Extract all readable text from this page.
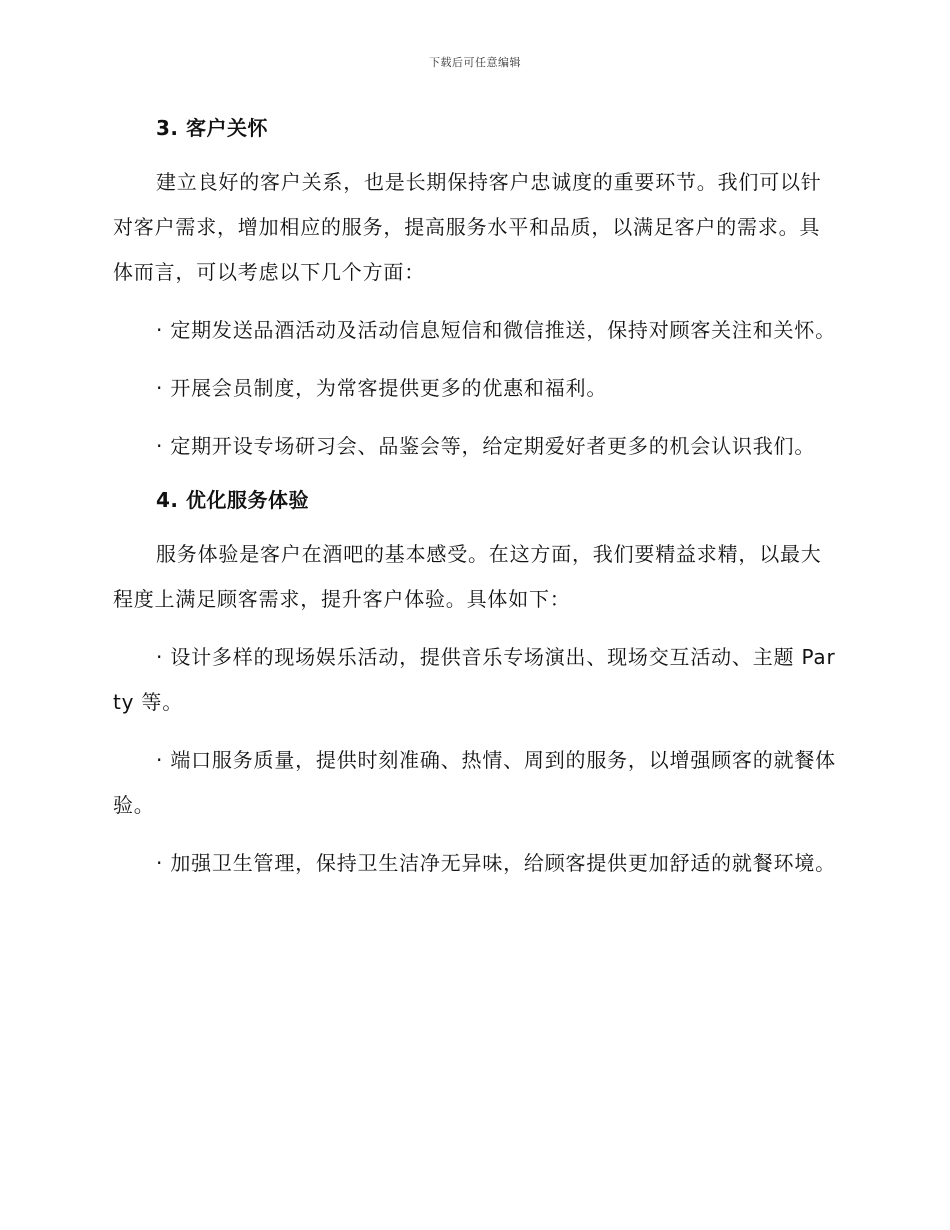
下载后可任意编辑
3. 客户关怀

建立良好的客户关系，也是长期保持客户忠诚度的重要环节。我们可以针对客户需求，增加相应的服务，提高服务水平和品质，以满足客户的需求。具体而言，可以考虑以下几个方面：

· 定期发送品酒活动及活动信息短信和微信推送，保持对顾客关注和关怀。

· 开展会员制度，为常客提供更多的优惠和福利。

· 定期开设专场研习会、品鉴会等，给定期爱好者更多的机会认识我们。

4. 优化服务体验

服务体验是客户在酒吧的基本感受。在这方面，我们要精益求精，以最大程度上满足顾客需求，提升客户体验。具体如下：

· 设计多样的现场娱乐活动，提供音乐专场演出、现场交互活动、主题 Party 等。

· 端口服务质量，提供时刻准确、热情、周到的服务，以增强顾客的就餐体验。

· 加强卫生管理，保持卫生洁净无异味，给顾客提供更加舒适的就餐环境。
